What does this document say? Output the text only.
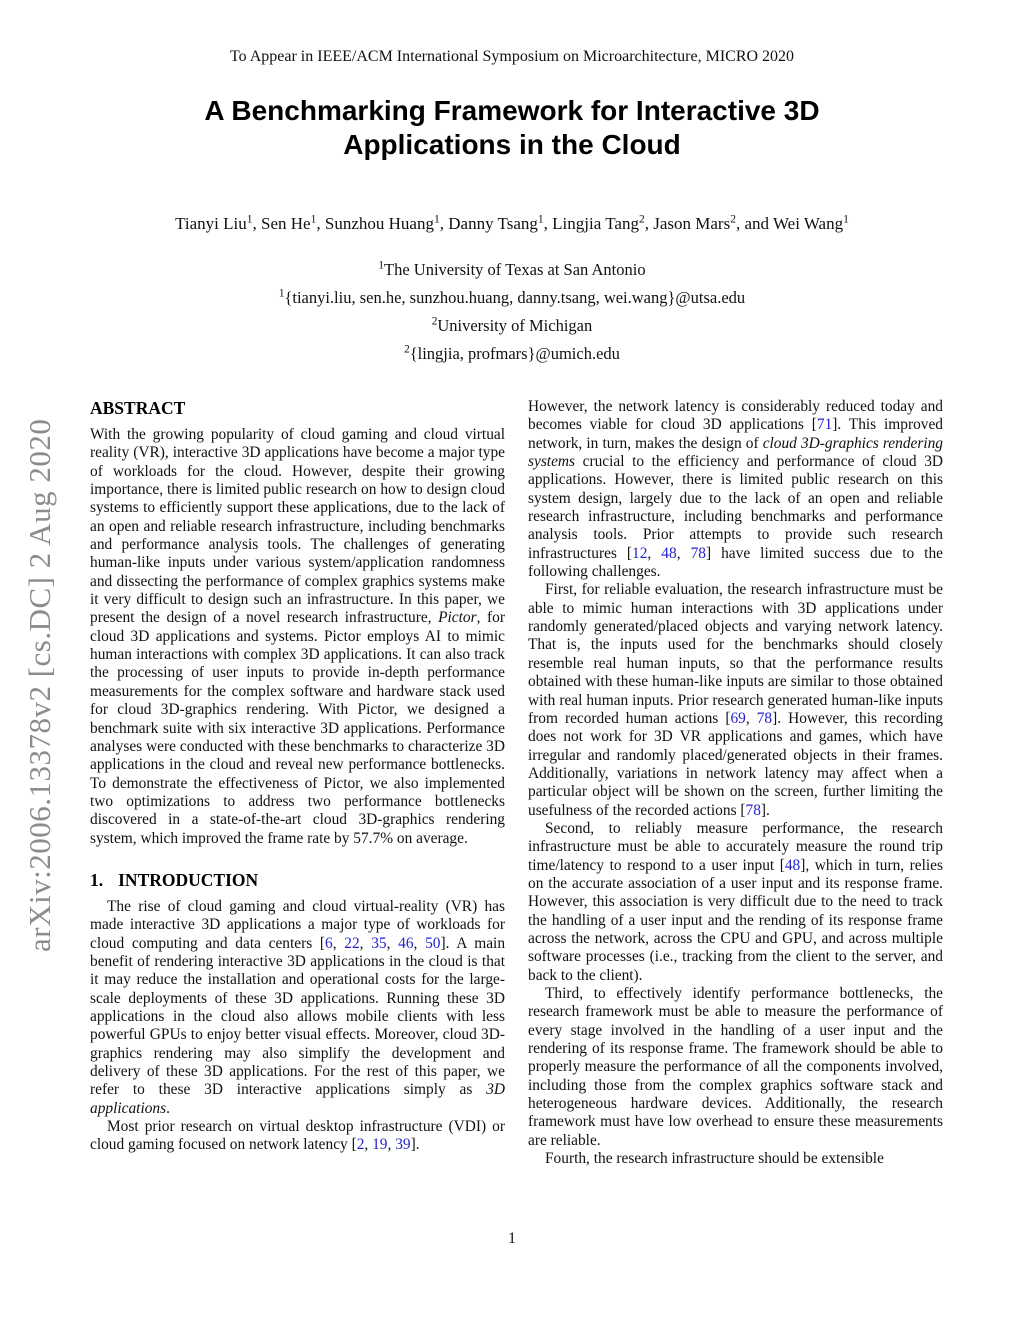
arXiv:2006.13378v2 [cs.DC] 2 Aug 2020
To Appear in IEEE/ACM International Symposium on Microarchitecture, MICRO 2020
A Benchmarking Framework for Interactive 3D
Applications in the Cloud
Tianyi Liu$^1$, Sen He$^1$, Sunzhou Huang$^1$, Danny Tsang$^1$, Lingjia Tang$^2$, Jason Mars$^2$, and Wei Wang$^1$
$^1$The University of Texas at San Antonio
$^1${tianyi.liu, sen.he, sunzhou.huang, danny.tsang, wei.wang}@utsa.edu
$^2$University of Michigan
$^2${lingjia, profmars}@umich.edu
ABSTRACT

With the growing popularity of cloud gaming and cloud virtual reality (VR), interactive 3D applications have become a major type of workloads for the cloud. However, despite their growing importance, there is limited public research on how to design cloud systems to efficiently support these applications, due to the lack of an open and reliable research infrastructure, including benchmarks and performance analysis tools. The challenges of generating human-like inputs under various system/application randomness and dissecting the performance of complex graphics systems make it very difficult to design such an infrastructure. In this paper, we present the design of a novel research infrastructure, Pictor, for cloud 3D applications and systems. Pictor employs AI to mimic human interactions with complex 3D applications. It can also track the processing of user inputs to provide in-depth performance measurements for the complex software and hardware stack used for cloud 3D-graphics rendering. With Pictor, we designed a benchmark suite with six interactive 3D applications. Performance analyses were conducted with these benchmarks to characterize 3D applications in the cloud and reveal new performance bottlenecks. To demonstrate the effectiveness of Pictor, we also implemented two optimizations to address two performance bottlenecks discovered in a state-of-the-art cloud 3D-graphics rendering system, which improved the frame rate by 57.7% on average.

1. INTRODUCTION

The rise of cloud gaming and cloud virtual-reality (VR) has made interactive 3D applications a major type of workloads for cloud computing and data centers [6, 22, 35, 46, 50]. A main benefit of rendering interactive 3D applications in the cloud is that it may reduce the installation and operational costs for the large-scale deployments of these 3D applications. Running these 3D applications in the cloud also allows mobile clients with less powerful GPUs to enjoy better visual effects. Moreover, cloud 3D-graphics rendering may also simplify the development and delivery of these 3D applications. For the rest of this paper, we refer to these 3D interactive applications simply as 3D applications.

Most prior research on virtual desktop infrastructure (VDI) or cloud gaming focused on network latency [2, 19, 39].

However, the network latency is considerably reduced today and becomes viable for cloud 3D applications [71]. This improved network, in turn, makes the design of cloud 3D-graphics rendering systems crucial to the efficiency and performance of cloud 3D applications. However, there is limited public research on this system design, largely due to the lack of an open and reliable research infrastructure, including benchmarks and performance analysis tools. Prior attempts to provide such research infrastructures [12, 48, 78] have limited success due to the following challenges.

First, for reliable evaluation, the research infrastructure must be able to mimic human interactions with 3D applications under randomly generated/placed objects and varying network latency. That is, the inputs used for the benchmarks should closely resemble real human inputs, so that the performance results obtained with these human-like inputs are similar to those obtained with real human inputs. Prior research generated human-like inputs from recorded human actions [69, 78]. However, this recording does not work for 3D VR applications and games, which have irregular and randomly placed/generated objects in their frames. Additionally, variations in network latency may affect when a particular object will be shown on the screen, further limiting the usefulness of the recorded actions [78].

Second, to reliably measure performance, the research infrastructure must be able to accurately measure the round trip time/latency to respond to a user input [48], which in turn, relies on the accurate association of a user input and its response frame. However, this association is very difficult due to the need to track the handling of a user input and the rending of its response frame across the network, across the CPU and GPU, and across multiple software processes (i.e., tracking from the client to the server, and back to the client).

Third, to effectively identify performance bottlenecks, the research framework must be able to measure the performance of every stage involved in the handling of a user input and the rendering of its response frame. The framework should be able to properly measure the performance of all the components involved, including those from the complex graphics software stack and heterogeneous hardware devices. Additionally, the research framework must have low overhead to ensure these measurements are reliable.

Fourth, the research infrastructure should be extensible

1
